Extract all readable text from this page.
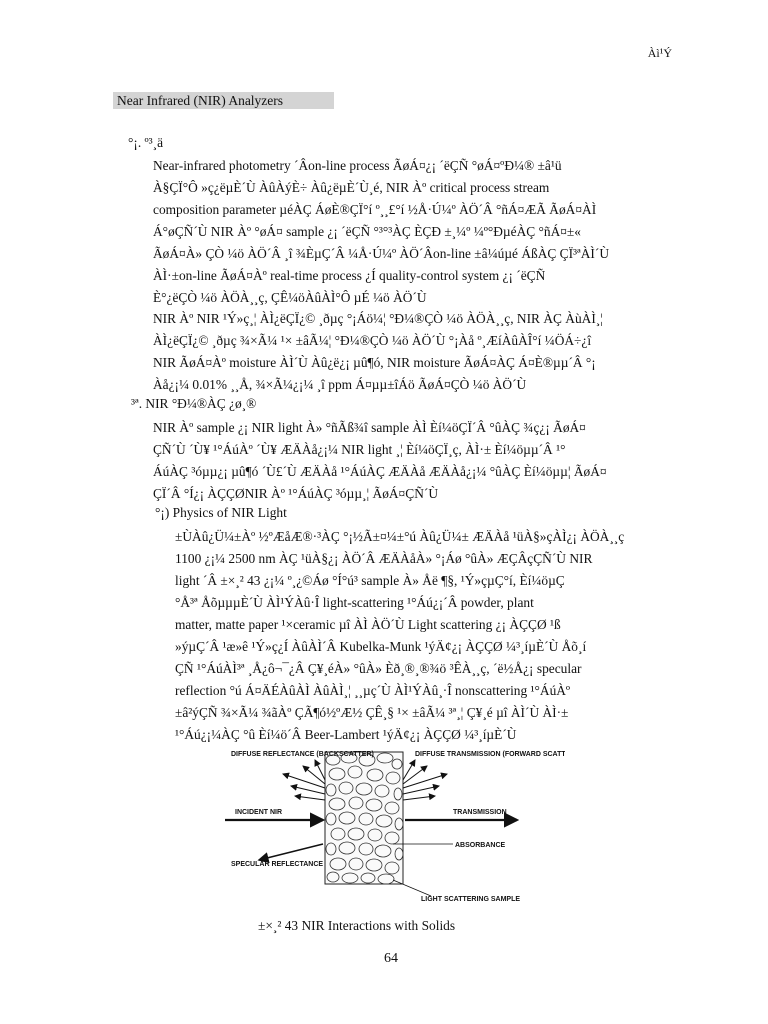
Àì¹Ý
Near Infrared (NIR) Analyzers
°¡. º³¸ä
Near-infrared photometry ´Âon-line process ÃøÁ¤¿¡ ´ëÇÑ °øÁ¤ºÐ¼® ±â¹ü
À§ÇÏ°Ô »ç¿ëµÈ´Ù ÀûÀýÈ÷ Àû¿ëµÈ´Ù¸é, NIR Àº critical process stream
composition parameter µéÀÇ ÁøÈ®ÇÏ°í º¸¸£°í ½Å·Ú¼º ÀÖ´Â °ñÁ¤ÆÃ ÃøÁ¤ÀÌ
Á°øÇÑ´Ù NIR Àº °øÁ¤ sample ¿¡ ´ëÇÑ °³°³ÀÇ ÈÇÐ ±¸¼º ¼º°ÐµéÀÇ °ñÁ¤±«
ÃøÁ¤À» ÇÒ ¼ö ÀÖ´Â ¸î ¾ÈµÇ´Â ¼Å·Ú¼º ÀÖ´Âon-line ±â¼úµé ÁßÀÇ ÇÏ³ªÀÌ´Ù
ÀÌ·±on-line ÃøÁ¤Àº real-time process ¿Í quality-control system ¿¡ ´ëÇÑ
È°¿ëÇÒ ¼ö ÀÖÀ¸¸ç, ÇÊ¼öÀûÀÌ°Ô µÉ ¼ö ÀÖ´Ù
NIR Àº NIR ¹Ý»ç¸¦ ÀÌ¿ëÇÏ¿© ¸ðµç °¡Áö¼¦ °Ð¼®ÇÒ ¼ö ÀÖÀ¸¸ç, NIR ÀÇ ÀùÀÌ¸¦
ÀÌ¿ëÇÏ¿© ¸ðµç ¾×Ã¼ ¹× ±âÃ¼¦ °Ð¼®ÇÒ ¼ö ÀÖ´Ù °¡Àå º¸ÆíÀûÀÎ°í ¼ÖÁ÷¿î
NIR ÃøÁ¤Àº moisture ÀÌ´Ù Àû¿ë¿¡ µû¶ó, NIR moisture ÃøÁ¤ÀÇ Á¤È®µµ´Â °¡
Àå¿¡¼ 0.01% ¸¸Å, ¾×Ã¼¿¡¼ ¸î ppm Á¤µµ±îÁö ÃøÁ¤ÇÒ ¼ö ÀÖ´Ù
³ª. NIR °Ð¼®ÀÇ ¿ø¸®
NIR Àº sample ¿¡ NIR light À» °ñÃß¾î sample ÀÌ Èí¼öÇÏ´Â °ûÀÇ ¾ç¿¡ ÃøÁ¤
ÇÑ´Ù ´Ù¥ ¹°ÁúÀº ´Ù¥ ÆÄÀå¿¡¼ NIR light ¸¦ Èí¼öÇÏ¸ç, ÀÌ·± Èí¼öµµ´Â ¹°
ÁúÀÇ ³óµµ¿¡ µû¶ó ´Ù£´Ù ÆÄÀå ¹°ÁúÀÇ ÆÄÀå ÆÄÀå¿¡¼ °ûÀÇ Èí¼öµµ¦ ÃøÁ¤
ÇÏ´Â °Í¿¡ ÀÇÇØNIR Àº ¹°ÁúÀÇ ³óµµ¸¦ ÃøÁ¤ÇÑ´Ù
°¡) Physics of NIR Light
±ÙÀû¿Ü¼±Àº ½ºÆåÆ®·³ÀÇ °¡½Ã±¤¼±°ú Àû¿Ü¼± ÆÄÀå ¹üÀ§»çÀÌ¿¡ ÀÖÀ¸¸ç
1100 ¿¡¼ 2500 nm ÀÇ ¹üÀ§¿¡ ÀÖ´Â ÆÄÀåÀ» °¡Áø °ûÀ» ÆÇÂçÇÑ´Ù NIR
light ´Â ±×¸² 43 ¿¡¼ º¸¿©Áø °Í°ú³ sample À» Åë ¶§, ¹Ý»çµÇ°í, Èí¼öµÇ
°Å³ª ÅõµµµÈ´Ù ÀÌ¹ÝÀû·Î light-scattering ¹°Áú¿¡´Â powder, plant
matter, matte paper ¹×ceramic µî ÀÌ ÀÖ´Ù Light scattering ¿¡ ÀÇÇØ ¹ß
»ýµÇ´Â ¹æ»ê ¹Ý»ç¿Í ÀûÀÌ´Â Kubelka-Munk ¹ýÄ¢¿¡ ÀÇÇØ ¼³¸íµÈ´Ù Åõ¸í
ÇÑ ¹°ÁúÀÌ³ª ¸Å¿ô¬¯¿Â Ç¥¸éÀ» °ûÀ» Èð¸®¸®¾ö ³ÊÀ¸¸ç, ´ë½Å¿¡ specular
reflection °ú Á¤ÄÉÀûÀÌ ÀûÀÌ¸¦ ¸¸µç´Ù ÀÌ¹ÝÀû¸·Î nonscattering ¹°ÁúÀº
±â²ýÇÑ ¾×Ã¼ ¾ãÀº ÇÃ¶ó½ºÆ½ ÇÊ¸§ ¹× ±âÃ¼ ³ª¸¦ Ç¥¸é µî ÀÌ´Ù ÀÌ·±
¹°Áú¿¡¼ÀÇ °û Èí¼ö´Â Beer-Lambert ¹ýÄ¢¿¡ ÀÇÇØ ¼³¸íµÈ´Ù
DIFFUSE REFLECTANCE (BACKSCATTER)	DIFFUSE TRANSMISSION (FORWARD SCATTER)
INCIDENT NIR	TRANSMISSION
ABSORBANCE
SPECULAR REFLECTANCE
LIGHT SCATTERING SAMPLE
±×¸² 43 NIR Interactions with Solids
64
